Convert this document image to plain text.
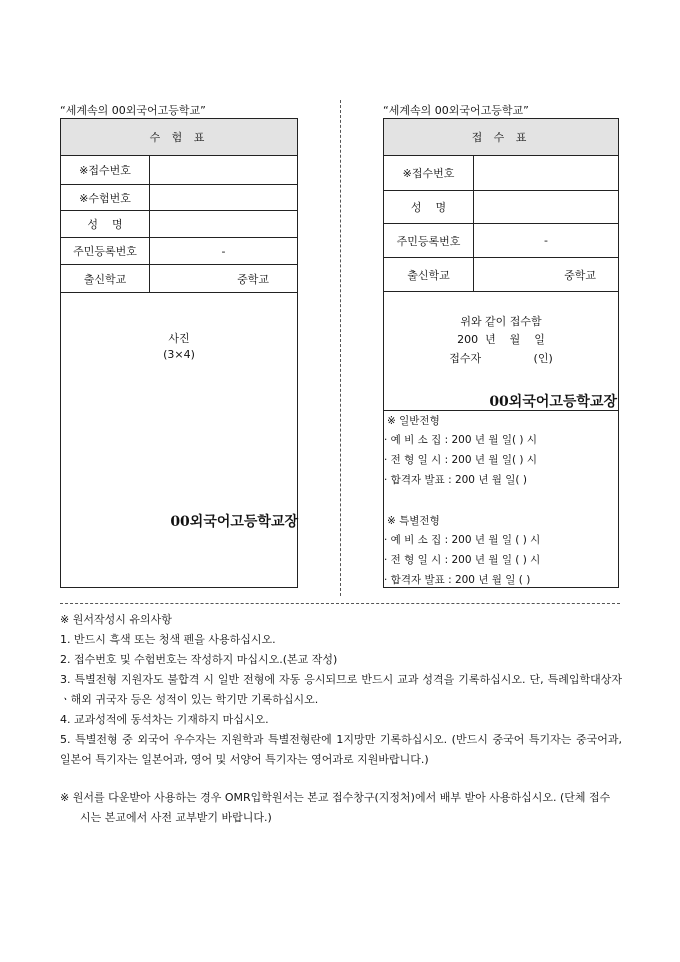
“세계속의 00외국어고등학교”
수 험 표
※접수번호
※수험번호
성    명
주민등록번호	-
출신학교	중학교
사진
(3×4)
00외국어고등학교장
“세계속의 00외국어고등학교”
접 수 표
※접수번호
성    명
주민등록번호	-
출신학교	중학교
위와 같이 접수함
200  년    월    일
접수자               (인)
00외국어고등학교장
※ 일반전형
· 예 비 소 집 : 200 년 월 일( ) 시
· 전 형 일 시 : 200 년 월 일( ) 시
· 합격자 발표 : 200 년 월 일( )
※ 특별전형
· 예 비 소 집 : 200 년 월 일 ( ) 시
· 전 형 일 시 : 200 년 월 일 ( ) 시
· 합격자 발표 : 200 년 월 일 ( )

※ 원서작성시 유의사항

1. 반드시 흑색 또는 청색 펜을 사용하십시오.

2. 접수번호 및 수험번호는 작성하지 마십시오.(본교 작성)

3. 특별전형 지원자도 불합격 시 일반 전형에 자동 응시되므로 반드시 교과 성격을 기록하십시오. 단, 특례입학대상자ㆍ해외 귀국자 등은 성적이 있는 학기만 기록하십시오.

4. 교과성적에 동석차는 기재하지 마십시오.

5. 특별전형 중 외국어 우수자는 지원학과 특별전형란에 1지망만 기록하십시오. (반드시 중국어 특기자는 중국어과, 일본어 특기자는 일본어과, 영어 및 서양어 특기자는 영어과로 지원바랍니다.)

※ 원서를 다운받아 사용하는 경우 OMR입학원서는 본교 접수창구(지정처)에서 배부 받아 사용하십시오. (단체 접수 시는 본교에서 사전 교부받기 바랍니다.)
